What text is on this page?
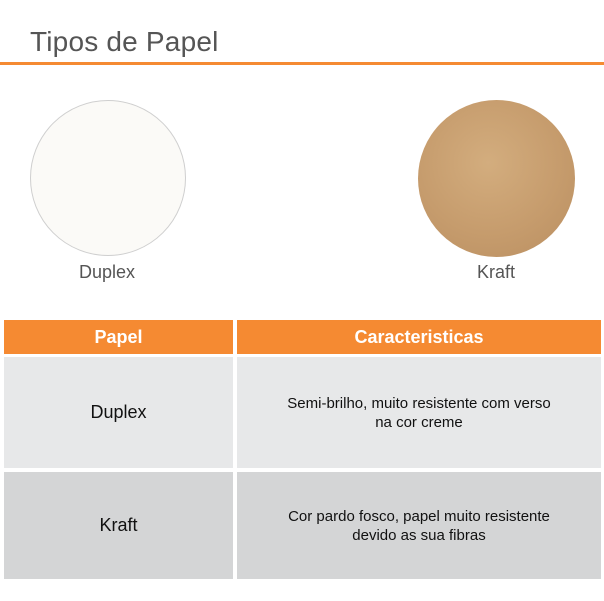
Tipos de Papel
Duplex	Kraft
Papel	Caracteristicas
Duplex	Semi-brilho, muito resistente com verso na cor creme
Kraft	Cor pardo fosco, papel muito resistente devido as sua fibras
